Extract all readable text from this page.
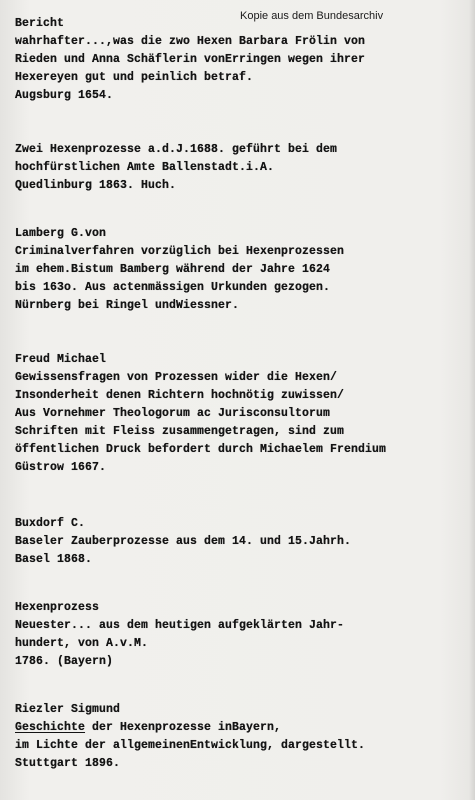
Kopie aus dem Bundesarchiv
Bericht
wahrhafter...,was die zwo Hexen Barbara Frölin von
Rieden und Anna Schäflerin vonErringen wegen ihrer
Hexereyen gut und peinlich betraf.
Augsburg 1654.
Zwei Hexenprozesse a.d.J.1688. geführt bei dem
hochfürstlichen Amte Ballenstadt.i.A.
Quedlinburg 1863. Huch.
Lamberg G.von
Criminalverfahren vorzüglich bei Hexenprozessen
im ehem.Bistum Bamberg während der Jahre 1624
bis 163o. Aus actenmässigen Urkunden gezogen.
Nürnberg bei Ringel undWiessner.
Freud Michael
Gewissensfragen von Prozessen wider die Hexen/
Insonderheit denen Richtern hochnötig zuwissen/
Aus Vornehmer Theologorum ac Jurisconsultorum
Schriften mit Fleiss zusammengetragen, sind zum
öffentlichen Druck befordert durch Michaelem Frendium
Güstrow 1667.
Buxdorf C.
Baseler Zauberprozesse aus dem 14. und 15.Jahrh.
Basel 1868.
Hexenprozess
Neuester... aus dem heutigen aufgeklärten Jahr-
hundert, von A.v.M.
1786. (Bayern)
Riezler Sigmund
Geschichte der Hexenprozesse inBayern,
im Lichte der allgemeinenEntwicklung, dargestellt.
Stuttgart 1896.
